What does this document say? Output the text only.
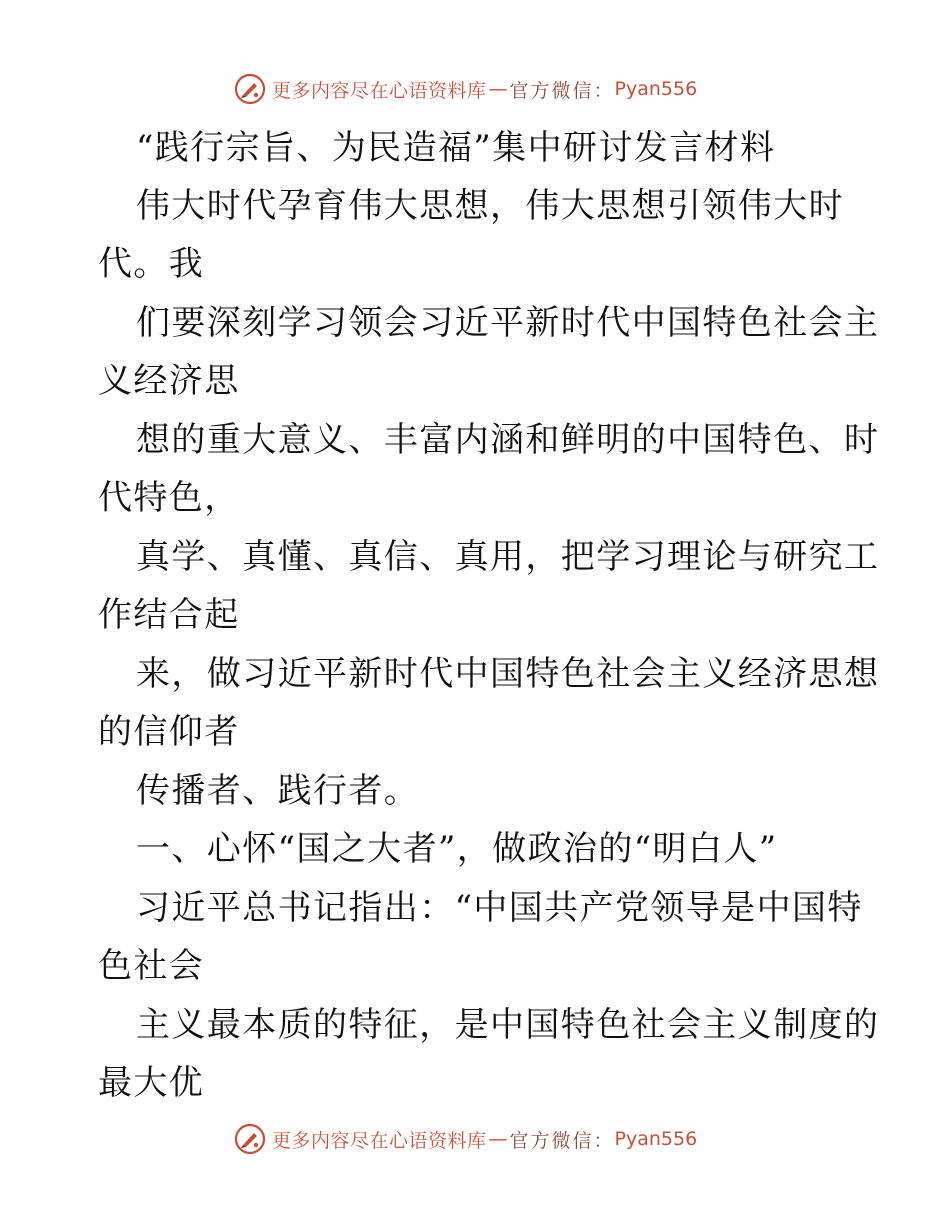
更多内容尽在心语资料库 — 官方微信： Pyan556
“践行宗旨、为民造福”集中研讨发言材料
伟大时代孕育伟大思想，伟大思想引领伟大时
代。我
们要深刻学习领会习近平新时代中国特色社会主
义经济思
想的重大意义、丰富内涵和鲜明的中国特色、时
代特色，
真学、真懂、真信、真用，把学习理论与研究工
作结合起
来，做习近平新时代中国特色社会主义经济思想
的信仰者
传播者、践行者。
一、心怀“国之大者”，做政治的“明白人”
习近平总书记指出：“中国共产党领导是中国特
色社会
主义最本质的特征，是中国特色社会主义制度的
最大优
更多内容尽在心语资料库 — 官方微信： Pyan556
